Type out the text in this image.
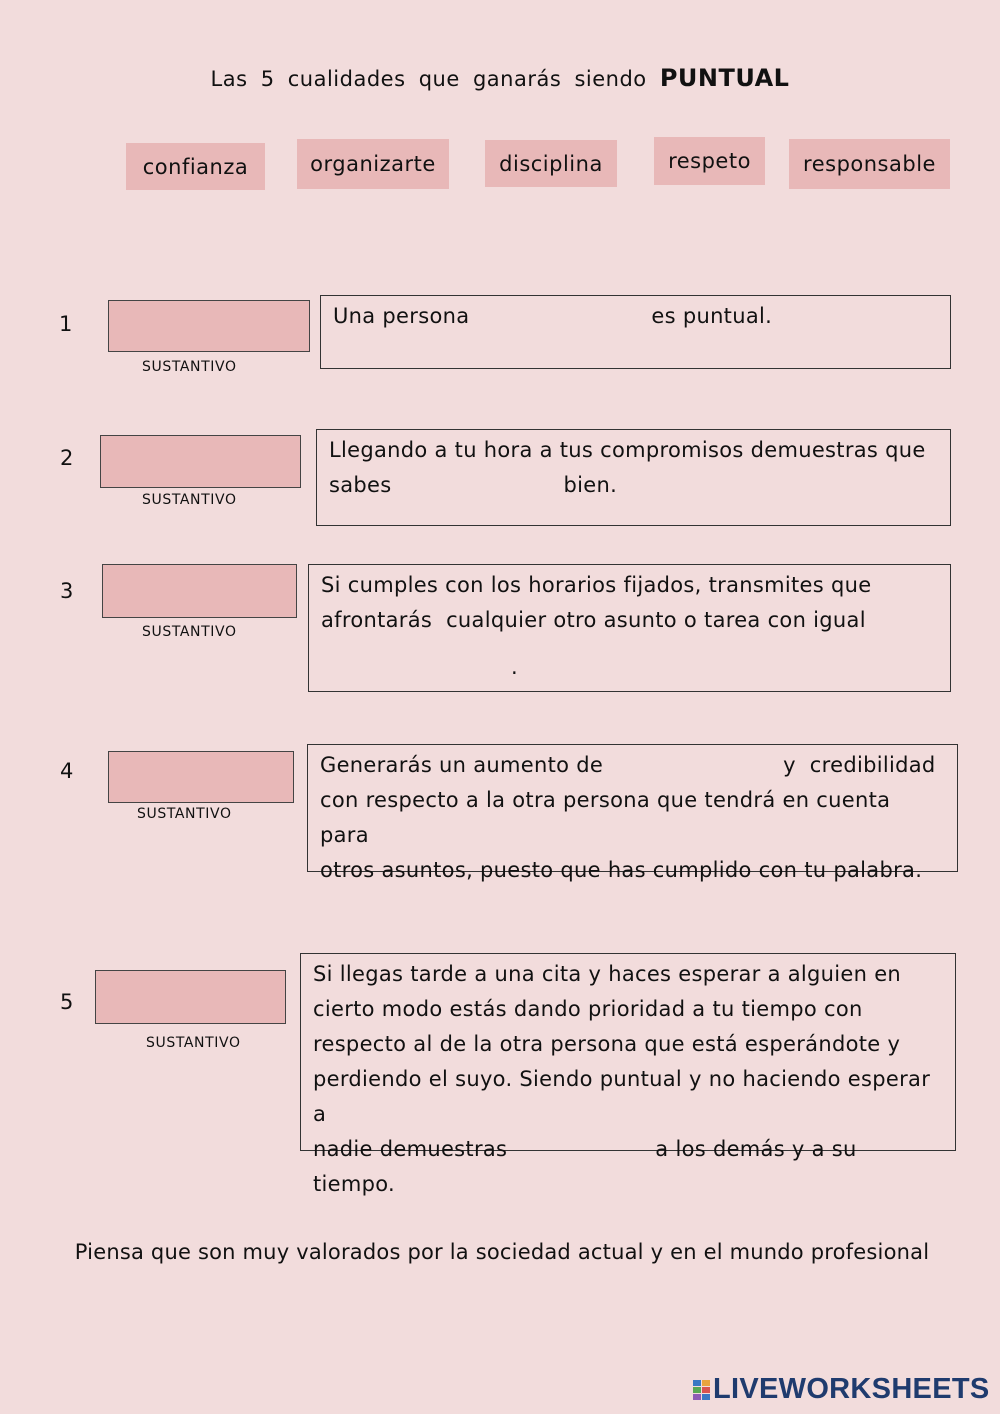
Las 5 cualidades que ganarás siendo PUNTUAL
confianza	organizarte	disciplina	respeto	responsable
1
SUSTANTIVO
Una persona	es puntual.
2
SUSTANTIVO
Llegando a tu hora a tus compromisos demuestras que
sabes	bien.
3
SUSTANTIVO
Si cumples con los horarios fijados, transmites que
afrontarás  cualquier otro asunto o tarea con igual
.
4
SUSTANTIVO
Generarás un aumento de	y  credibilidad
con respecto a la otra persona que tendrá en cuenta para
otros asuntos, puesto que has cumplido con tu palabra.
5
SUSTANTIVO
Si llegas tarde a una cita y haces esperar a alguien en
cierto modo estás dando prioridad a tu tiempo con
respecto al de la otra persona que está esperándote y
perdiendo el suyo. Siendo puntual y no haciendo esperar a
nadie demuestras	a los demás y a su tiempo.
Piensa que son muy valorados por la sociedad actual y en el mundo profesional
LIVEWORKSHEETS
